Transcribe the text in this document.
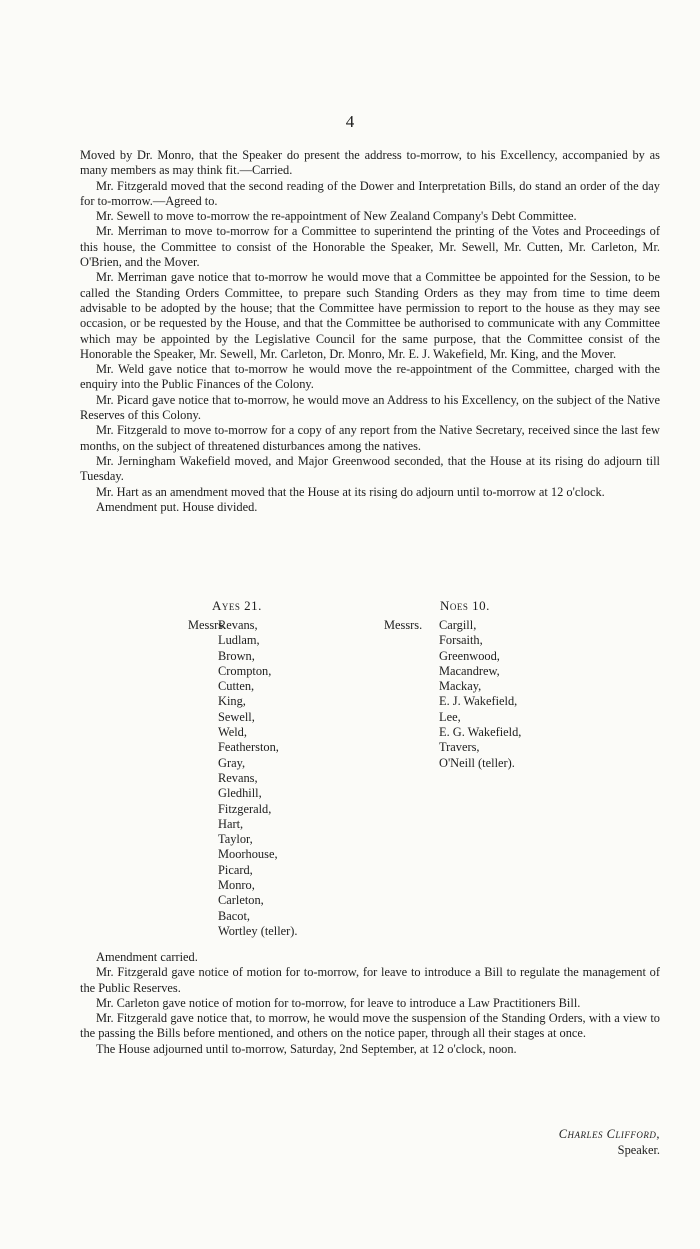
4

Moved by Dr. Monro, that the Speaker do present the address to-morrow, to his Excellency, accompanied by as many members as may think fit.—Carried.

Mr. Fitzgerald moved that the second reading of the Dower and Interpretation Bills, do stand an order of the day for to-morrow.—Agreed to.

Mr. Sewell to move to-morrow the re-appointment of New Zealand Company's Debt Committee.

Mr. Merriman to move to-morrow for a Committee to superintend the printing of the Votes and Proceedings of this house, the Committee to consist of the Honorable the Speaker, Mr. Sewell, Mr. Cutten, Mr. Carleton, Mr. O'Brien, and the Mover.

Mr. Merriman gave notice that to-morrow he would move that a Committee be appointed for the Session, to be called the Standing Orders Committee, to prepare such Standing Orders as they may from time to time deem advisable to be adopted by the house; that the Committee have permission to report to the house as they may see occasion, or be requested by the House, and that the Committee be authorised to communicate with any Committee which may be appointed by the Legislative Council for the same purpose, that the Committee consist of the Honorable the Speaker, Mr. Sewell, Mr. Carleton, Dr. Monro, Mr. E. J. Wakefield, Mr. King, and the Mover.

Mr. Weld gave notice that to-morrow he would move the re-appointment of the Committee, charged with the enquiry into the Public Finances of the Colony.

Mr. Picard gave notice that to-morrow, he would move an Address to his Excellency, on the subject of the Native Reserves of this Colony.

Mr. Fitzgerald to move to-morrow for a copy of any report from the Native Secretary, received since the last few months, on the subject of threatened disturbances among the natives.

Mr. Jerningham Wakefield moved, and Major Greenwood seconded, that the House at its rising do adjourn till Tuesday.

Mr. Hart as an amendment moved that the House at its rising do adjourn until to-morrow at 12 o'clock.

Amendment put. House divided.

Ayes 21.	Noes 10.
Messrs.
Revans,
Ludlam,
Brown,
Crompton,
Cutten,
King,
Sewell,
Weld,
Featherston,
Gray,
Revans,
Gledhill,
Fitzgerald,
Hart,
Taylor,
Moorhouse,
Picard,
Monro,
Carleton,
Bacot,
Wortley (teller).
Messrs. Cargill,
Forsaith,
Greenwood,
Macandrew,
Mackay,
E. J. Wakefield,
Lee,
E. G. Wakefield,
Travers,
O'Neill (teller).

Amendment carried.

Mr. Fitzgerald gave notice of motion for to-morrow, for leave to introduce a Bill to regulate the management of the Public Reserves.

Mr. Carleton gave notice of motion for to-morrow, for leave to introduce a Law Practitioners Bill.

Mr. Fitzgerald gave notice that, to morrow, he would move the suspension of the Standing Orders, with a view to the passing the Bills before mentioned, and others on the notice paper, through all their stages at once.

The House adjourned until to-morrow, Saturday, 2nd September, at 12 o'clock, noon.

Charles Clifford,
Speaker.
